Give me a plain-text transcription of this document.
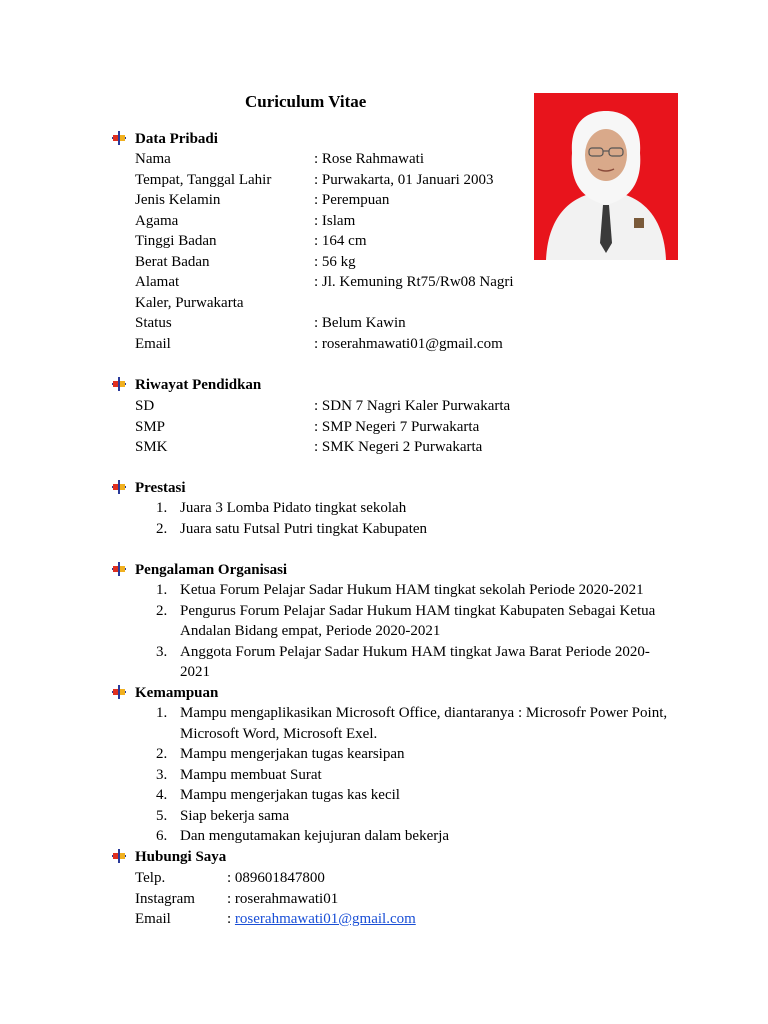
Curiculum Vitae
Data Pribadi
Nama	: Rose Rahmawati
Tempat, Tanggal Lahir	: Purwakarta, 01 Januari 2003
Jenis Kelamin	: Perempuan
Agama	: Islam
Tinggi Badan	: 164 cm
Berat Badan	: 56 kg
Alamat	: Jl. Kemuning Rt75/Rw08 Nagri
Kaler, Purwakarta
Status	: Belum Kawin
Email	: roserahmawati01@gmail.com
Riwayat Pendidkan
SD	: SDN 7 Nagri Kaler Purwakarta
SMP	: SMP Negeri 7 Purwakarta
SMK	: SMK Negeri 2 Purwakarta
Prestasi
1. Juara 3 Lomba Pidato tingkat sekolah
2. Juara satu Futsal Putri tingkat Kabupaten
Pengalaman Organisasi
1. Ketua Forum Pelajar Sadar Hukum HAM tingkat sekolah Periode 2020-2021
2. Pengurus Forum Pelajar Sadar Hukum HAM tingkat Kabupaten Sebagai Ketua
Andalan Bidang empat, Periode 2020-2021
3. Anggota Forum Pelajar Sadar Hukum HAM tingkat Jawa Barat Periode 2020-
2021
Kemampuan
1. Mampu mengaplikasikan Microsoft Office, diantaranya : Microsofr Power Point,
Microsoft Word, Microsoft Exel.
2. Mampu mengerjakan tugas kearsipan
3. Mampu membuat Surat
4. Mampu mengerjakan tugas kas kecil
5. Siap bekerja sama
6. Dan mengutamakan kejujuran dalam bekerja
Hubungi Saya
Telp.	: 089601847800
Instagram : roserahmawati01
Email	: roserahmawati01@gmail.com
